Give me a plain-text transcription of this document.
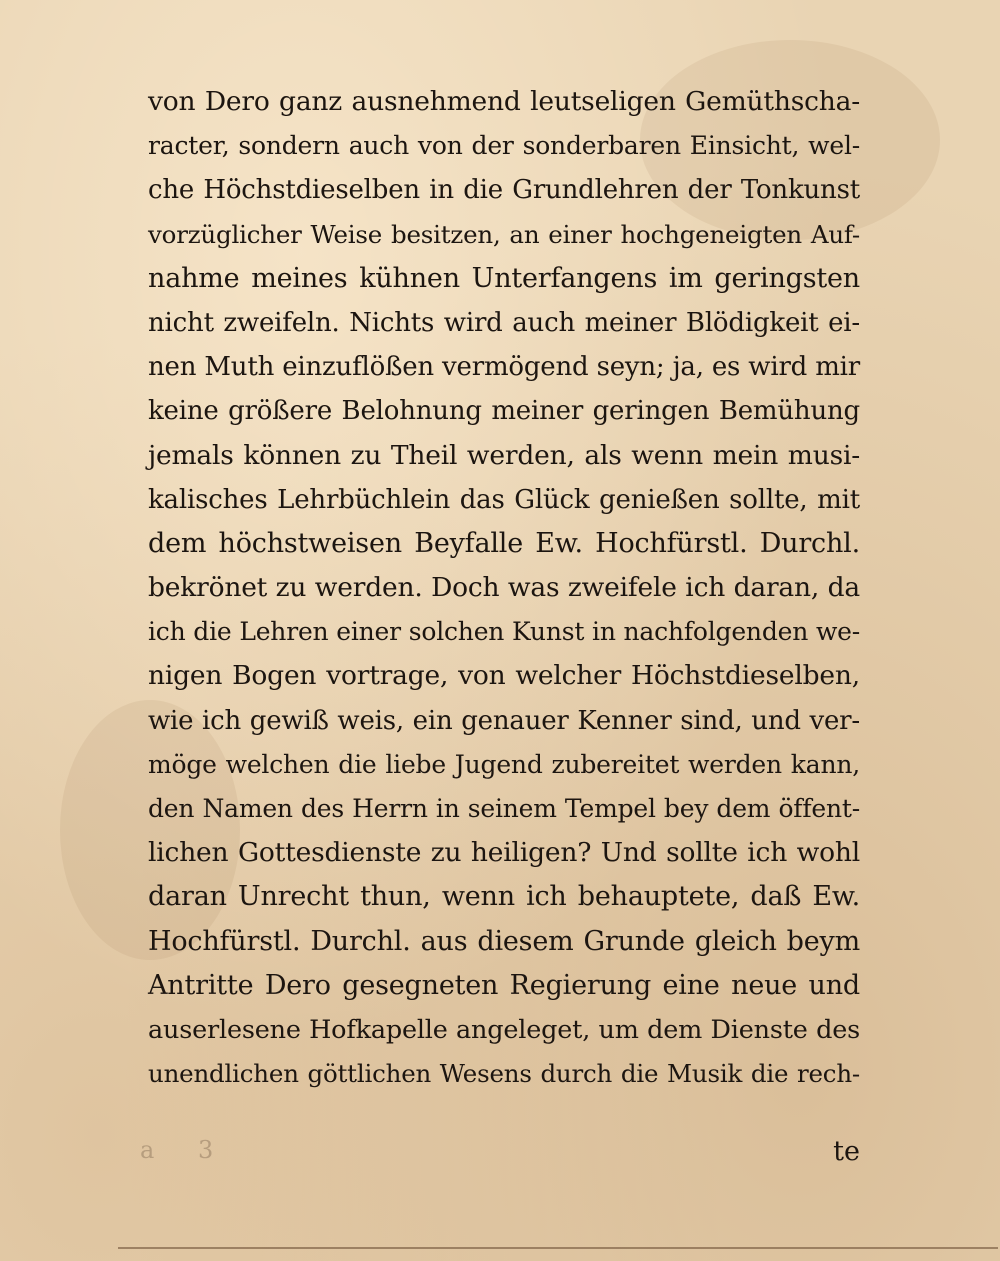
von Dero ganz ausnehmend leutseligen Gemüthscha-
racter, sondern auch von der sonderbaren Einsicht, wel-
che Höchstdieselben in die Grundlehren der Tonkunst
vorzüglicher Weise besitzen, an einer hochgeneigten Auf-
nahme meines kühnen Unterfangens im geringsten
nicht zweifeln. Nichts wird auch meiner Blödigkeit ei-
nen Muth einzuflößen vermögend seyn; ja, es wird mir
keine größere Belohnung meiner geringen Bemühung
jemals können zu Theil werden, als wenn mein musi-
kalisches Lehrbüchlein das Glück genießen sollte, mit
dem höchstweisen Beyfalle Ew. Hochfürstl. Durchl.
bekrönet zu werden. Doch was zweifele ich daran, da
ich die Lehren einer solchen Kunst in nachfolgenden we-
nigen Bogen vortrage, von welcher Höchstdieselben,
wie ich gewiß weis, ein genauer Kenner sind, und ver-
möge welchen die liebe Jugend zubereitet werden kann,
den Namen des Herrn in seinem Tempel bey dem öffent-
lichen Gottesdienste zu heiligen? Und sollte ich wohl
daran Unrecht thun, wenn ich behauptete, daß Ew.
Hochfürstl. Durchl. aus diesem Grunde gleich beym
Antritte Dero gesegneten Regierung eine neue und
auserlesene Hofkapelle angeleget, um dem Dienste des
unendlichen göttlichen Wesens durch die Musik die rech-
a 3	te
